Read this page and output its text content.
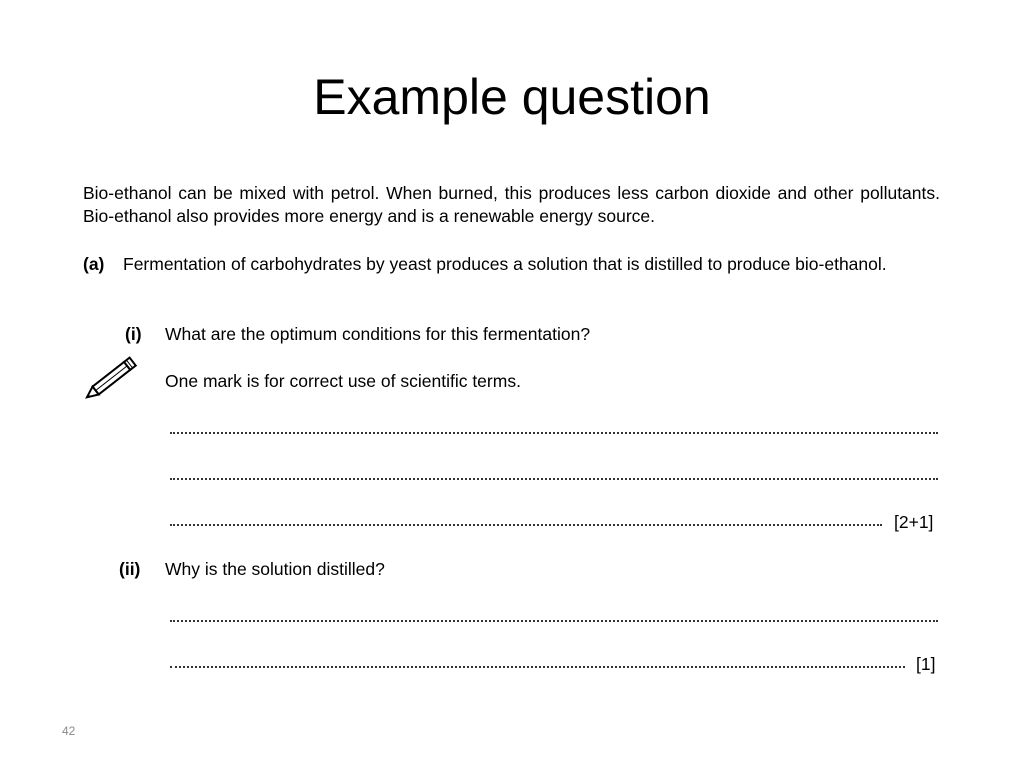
Example question
Bio-ethanol can be mixed with petrol. When burned, this produces less carbon dioxide and other pollutants. Bio-ethanol also provides more energy and is a renewable energy source.
(a) Fermentation of carbohydrates by yeast produces a solution that is distilled to produce bio-ethanol.
(i) What are the optimum conditions for this fermentation?
One mark is for correct use of scientific terms.
[2+1]
(ii) Why is the solution distilled?
[1]
42
